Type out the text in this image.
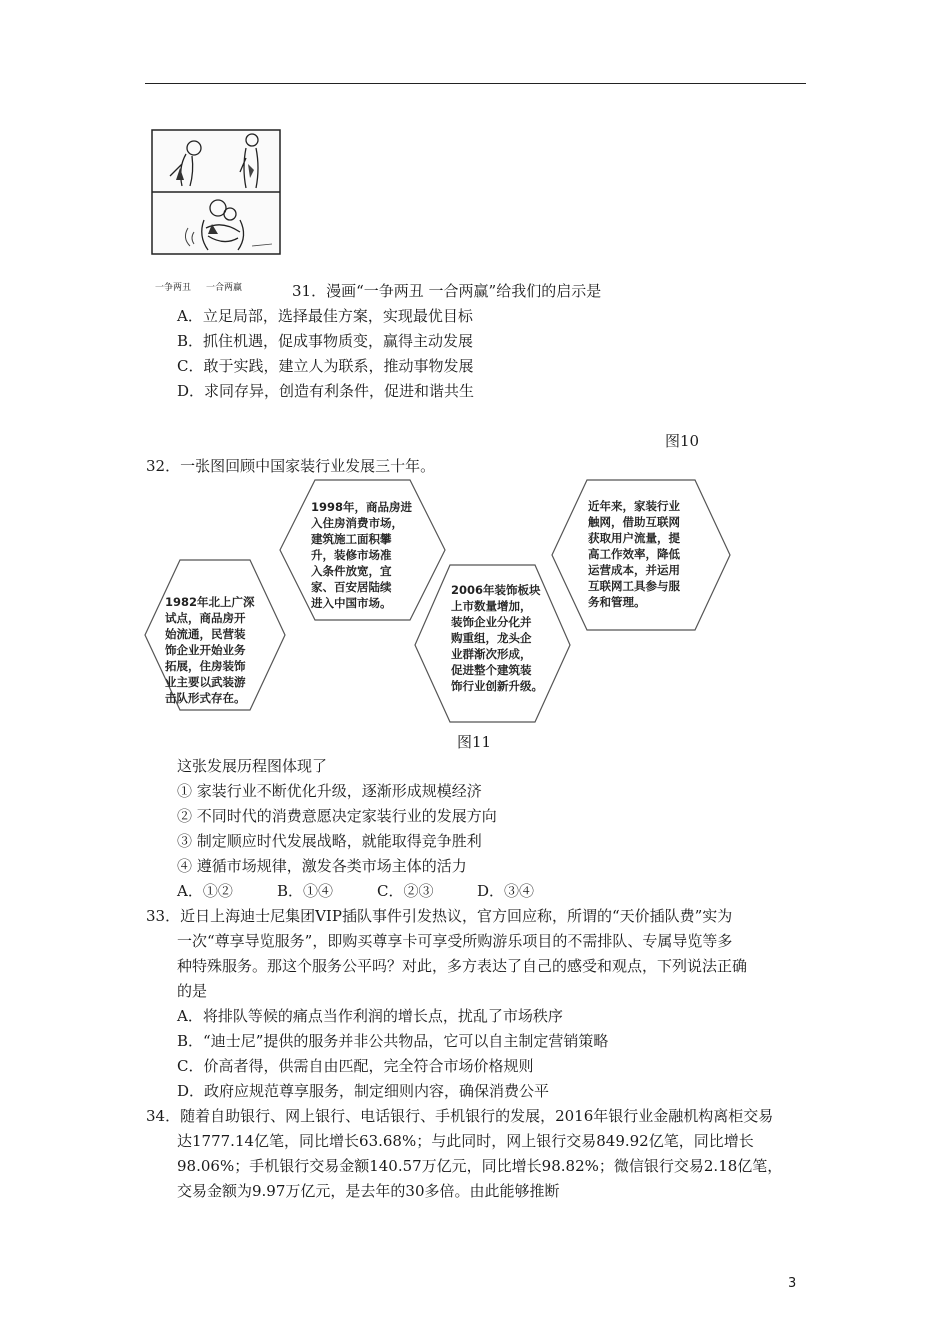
一争两丑 一合两赢	31．漫画“一争两丑 一合两赢”给我们的启示是
A．立足局部，选择最佳方案，实现最优目标
B．抓住机遇，促成事物质变，赢得主动发展
C．敢于实践，建立人为联系，推动事物发展
D．求同存异，创造有利条件，促进和谐共生
图10
32．一张图回顾中国家装行业发展三十年。
1982年北上广深
试点，商品房开
始流通，民营装
饰企业开始业务
拓展，住房装饰
业主要以武装游
击队形式存在。
1998年，商品房进
入住房消费市场，
建筑施工面积攀
升，装修市场准
入条件放宽，宜
家、百安居陆续
进入中国市场。
2006年装饰板块
上市数量增加，
装饰企业分化并
购重组，龙头企
业群渐次形成，
促进整个建筑装
饰行业创新升级。
近年来，家装行业
触网，借助互联网
获取用户流量，提
高工作效率，降低
运营成本，并运用
互联网工具参与服
务和管理。
图11
这张发展历程图体现了
① 家装行业不断优化升级，逐渐形成规模经济
② 不同时代的消费意愿决定家装行业的发展方向
③ 制定顺应时代发展战略，就能取得竞争胜利
④ 遵循市场规律，激发各类市场主体的活力
A．①②	B．①④	C．②③	D．③④
33．近日上海迪士尼集团VIP插队事件引发热议，官方回应称，所谓的“天价插队费”实为
一次“尊享导览服务”，即购买尊享卡可享受所购游乐项目的不需排队、专属导览等多
种特殊服务。那这个服务公平吗？对此，多方表达了自己的感受和观点，下列说法正确
的是
A．将排队等候的痛点当作利润的增长点，扰乱了市场秩序
B．“迪士尼”提供的服务并非公共物品，它可以自主制定营销策略
C．价高者得，供需自由匹配，完全符合市场价格规则
D．政府应规范尊享服务，制定细则内容，确保消费公平
34．随着自助银行、网上银行、电话银行、手机银行的发展，2016年银行业金融机构离柜交易
达1777.14亿笔，同比增长63.68%；与此同时，网上银行交易849.92亿笔，同比增长
98.06%；手机银行交易金额140.57万亿元，同比增长98.82%；微信银行交易2.18亿笔，
交易金额为9.97万亿元，是去年的30多倍。由此能够推断
3
